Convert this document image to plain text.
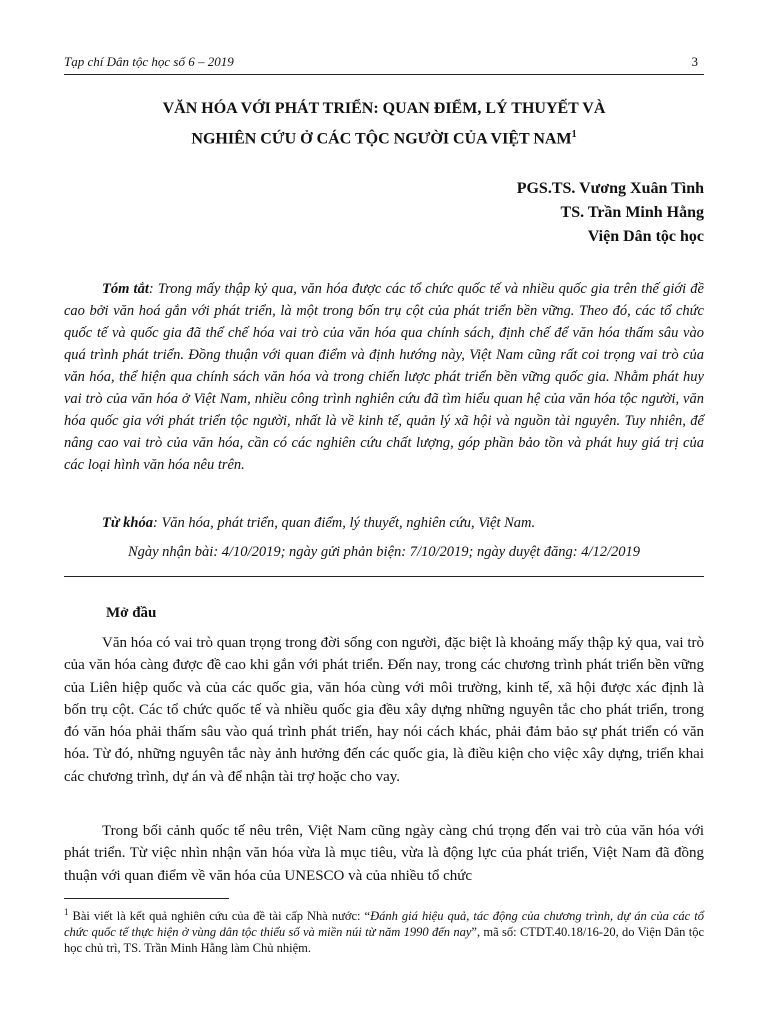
Tạp chí Dân tộc học số 6 – 2019	3
VĂN HÓA VỚI PHÁT TRIỂN: QUAN ĐIỂM, LÝ THUYẾT VÀ
NGHIÊN CỨU Ở CÁC TỘC NGƯỜI CỦA VIỆT NAM$^1$
PGS.TS. Vương Xuân Tình
TS. Trần Minh Hằng
Viện Dân tộc học
Tóm tắt: Trong mấy thập kỷ qua, văn hóa được các tổ chức quốc tế và nhiều quốc gia trên thế giới đề cao bởi văn hoá gắn với phát triển, là một trong bốn trụ cột của phát triển bền vững. Theo đó, các tổ chức quốc tế và quốc gia đã thể chế hóa vai trò của văn hóa qua chính sách, định chế để văn hóa thấm sâu vào quá trình phát triển. Đồng thuận với quan điểm và định hướng này, Việt Nam cũng rất coi trọng vai trò của văn hóa, thể hiện qua chính sách văn hóa và trong chiến lược phát triển bền vững quốc gia. Nhằm phát huy vai trò của văn hóa ở Việt Nam, nhiều công trình nghiên cứu đã tìm hiểu quan hệ của văn hóa tộc người, văn hóa quốc gia với phát triển tộc người, nhất là về kinh tế, quản lý xã hội và nguồn tài nguyên. Tuy nhiên, để nâng cao vai trò của văn hóa, cần có các nghiên cứu chất lượng, góp phần bảo tồn và phát huy giá trị của các loại hình văn hóa nêu trên.
Từ khóa: Văn hóa, phát triển, quan điểm, lý thuyết, nghiên cứu, Việt Nam.
Ngày nhận bài: 4/10/2019; ngày gửi phản biện: 7/10/2019; ngày duyệt đăng: 4/12/2019
Mở đầu
Văn hóa có vai trò quan trọng trong đời sống con người, đặc biệt là khoảng mấy thập kỷ qua, vai trò của văn hóa càng được đề cao khi gắn với phát triển. Đến nay, trong các chương trình phát triển bền vững của Liên hiệp quốc và của các quốc gia, văn hóa cùng với môi trường, kinh tế, xã hội được xác định là bốn trụ cột. Các tổ chức quốc tế và nhiều quốc gia đều xây dựng những nguyên tắc cho phát triển, trong đó văn hóa phải thấm sâu vào quá trình phát triển, hay nói cách khác, phải đảm bảo sự phát triển có văn hóa. Từ đó, những nguyên tắc này ảnh hưởng đến các quốc gia, là điều kiện cho việc xây dựng, triển khai các chương trình, dự án và để nhận tài trợ hoặc cho vay.
Trong bối cảnh quốc tế nêu trên, Việt Nam cũng ngày càng chú trọng đến vai trò của văn hóa với phát triển. Từ việc nhìn nhận văn hóa vừa là mục tiêu, vừa là động lực của phát triển, Việt Nam đã đồng thuận với quan điểm về văn hóa của UNESCO và của nhiều tổ chức
$^1$ Bài viết là kết quả nghiên cứu của đề tài cấp Nhà nước: “Đánh giá hiệu quả, tác động của chương trình, dự án của các tổ chức quốc tế thực hiện ở vùng dân tộc thiểu số và miền núi từ năm 1990 đến nay”, mã số: CTDT.40.18/16-20, do Viện Dân tộc học chủ trì, TS. Trần Minh Hằng làm Chủ nhiệm.
